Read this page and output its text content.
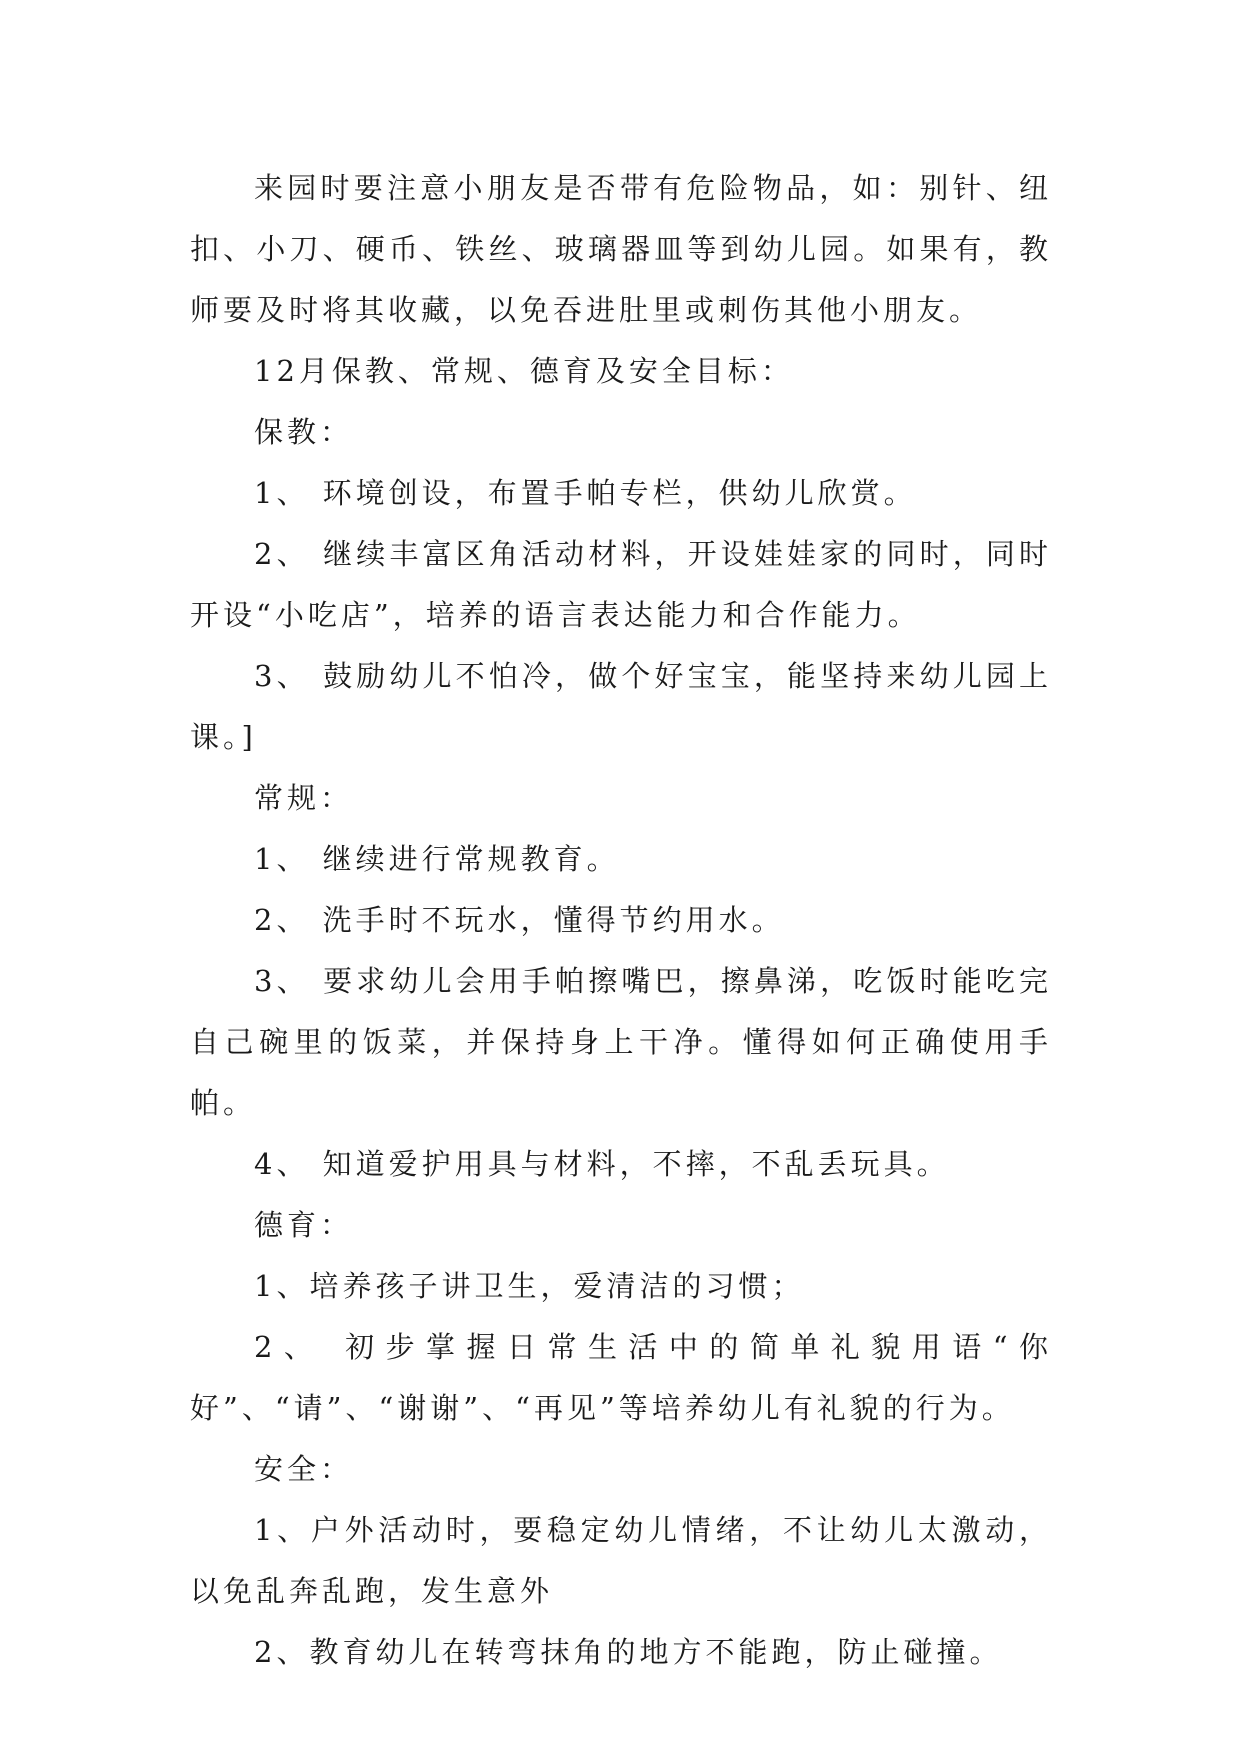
来园时要注意小朋友是否带有危险物品，如：别针、纽扣、小刀、硬币、铁丝、玻璃器皿等到幼儿园。如果有，教师要及时将其收藏，以免吞进肚里或刺伤其他小朋友。

12月保教、常规、德育及安全目标：

保教：

1、 环境创设，布置手帕专栏，供幼儿欣赏。

2、 继续丰富区角活动材料，开设娃娃家的同时，同时开设“小吃店”，培养的语言表达能力和合作能力。

3、 鼓励幼儿不怕冷，做个好宝宝，能坚持来幼儿园上课。]

常规：

1、 继续进行常规教育。

2、 洗手时不玩水，懂得节约用水。

3、 要求幼儿会用手帕擦嘴巴，擦鼻涕，吃饭时能吃完自己碗里的饭菜，并保持身上干净。懂得如何正确使用手帕。

4、 知道爱护用具与材料，不摔，不乱丢玩具。

德育：

1、培养孩子讲卫生，爱清洁的习惯；

2、 初步掌握日常生活中的简单礼貌用语“你好”、“请”、“谢谢”、“再见”等培养幼儿有礼貌的行为。

安全：

1、户外活动时，要稳定幼儿情绪，不让幼儿太激动，以免乱奔乱跑，发生意外

2、教育幼儿在转弯抹角的地方不能跑，防止碰撞。
